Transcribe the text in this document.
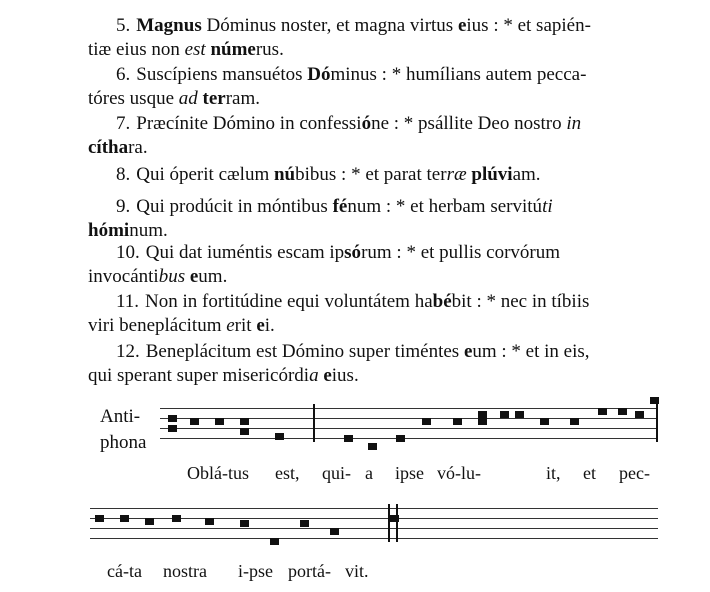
5. Magnus Dóminus noster, et magna virtus eius : * et sapién-
tiæ eius non est númerus.
6. Suscípiens mansuétos Dóminus : * humílians autem pecca-
tóres usque ad terram.
7. Præcínite Dómino in confessióne : * psállite Deo nostro in
cíthara.
8. Qui óperit cælum núbibus : * et parat terræ plúviam.
9. Qui prodúcit in móntibus fénum : * et herbam servitúti
hóminum.
10. Qui dat iuméntis escam ipsórum : * et pullis corvórum
invocántibus eum.
11. Non in fortitúdine equi voluntátem habébit : * nec in tíbiis
viri beneplácitum erit ei.
12. Beneplácitum est Dómino super timéntes eum : * et in eis,
qui sperant super misericórdia eius.
Anti-
phona
Oblá-tus est, qui- a ipse vó-lu-	it, et pec-
cá-ta nostra i-pse portá- vit.
